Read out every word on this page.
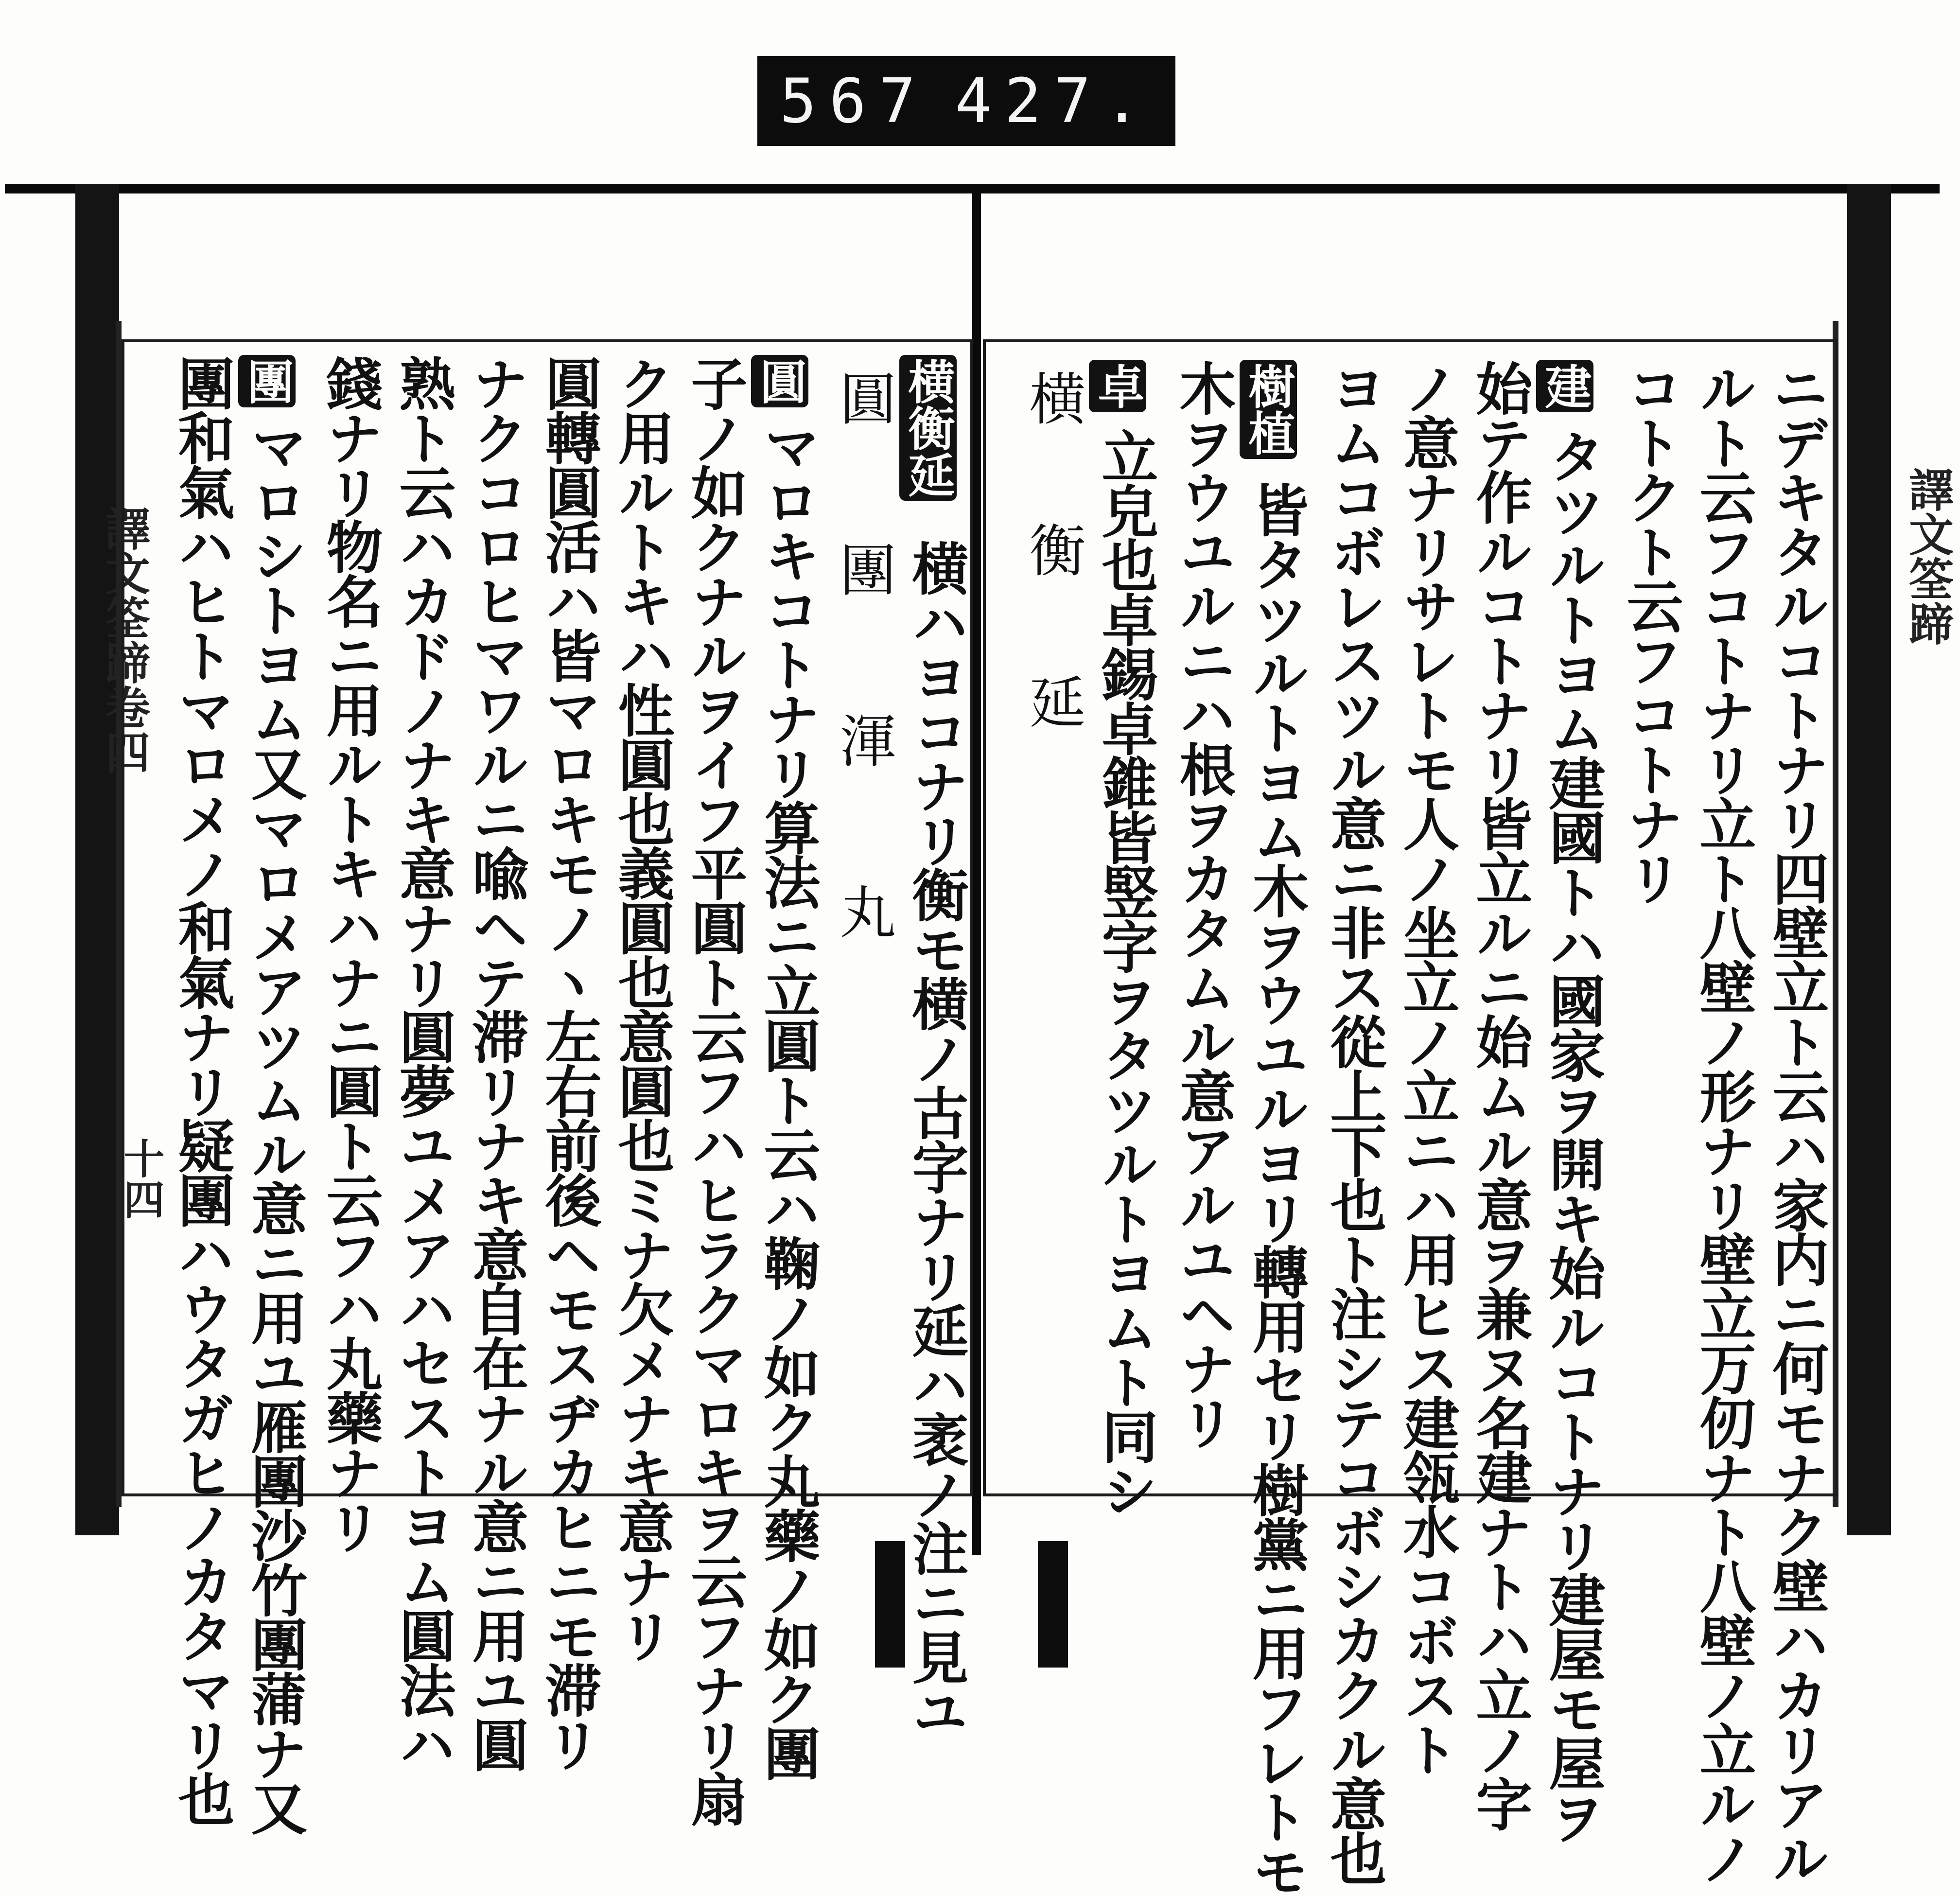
567 427.
譯文筌蹄
譯文筌蹄卷四
十四	ニデキタルコトナリ四壁立ト云ハ家内ニ何モナク壁ハカリアル
ルト云フコトナリ立ト八壁ノ形ナリ壁立万仞ナト八壁ノ立ルノ
コトクト云フコトナリ
建
タツルトヨム建國トハ國家ヲ開キ始ルコトナリ建屋モ屋ヲ
始テ作ルコトナリ皆立ルニ始ムル意ヲ兼ヌ名建ナトハ立ノ字
ノ意ナリサレトモ人ノ坐立ノ立ニハ用ヒス建瓴水コボスト
ヨムコボレスツル意ニ非ス從上下也ト注シテコボシカクル意也
樹植
皆タツルトヨム木ヲウユルヨリ轉用セリ樹黨ニ用フレトモ
木ヲウユルニハ根ヲカタムル意アルユヘナリ
卓
立皃也卓錫卓錐皆竪字ヲタツルトヨムト同シ
横　衡　延
横衡延
横ハヨコナリ衡モ横ノ古字ナリ延ハ袤ノ注ニ見ユ
圓　團　渾　丸
圓
マロキコトナリ算法ニ立圓ト云ハ鞠ノ如ク丸藥ノ如ク團
子ノ如クナルヲイフ平圓ト云フハヒラクマロキヲ云フナリ扇
ク用ルトキハ性圓也義圓也意圓也ミナ欠メナキ意ナリ
圓轉圓活ハ皆マロキモノヽ左右前後ヘモスヂカヒニモ滞リ
ナクコロヒマワルニ喩ヘテ滞リナキ意自在ナル意ニ用ユ圓
熟ト云ハカドノナキ意ナリ圓夢ユメアハセストヨム圓法ハ
錢ナリ物名ニ用ルトキハナニ圓ト云フハ丸藥ナリ
團
マロシトヨム又マロメアツムル意ニ用ユ雁團沙竹團蒲ナ又
團和氣ハヒトマロメノ和氣ナリ疑團ハウタガヒノカタマリ也
